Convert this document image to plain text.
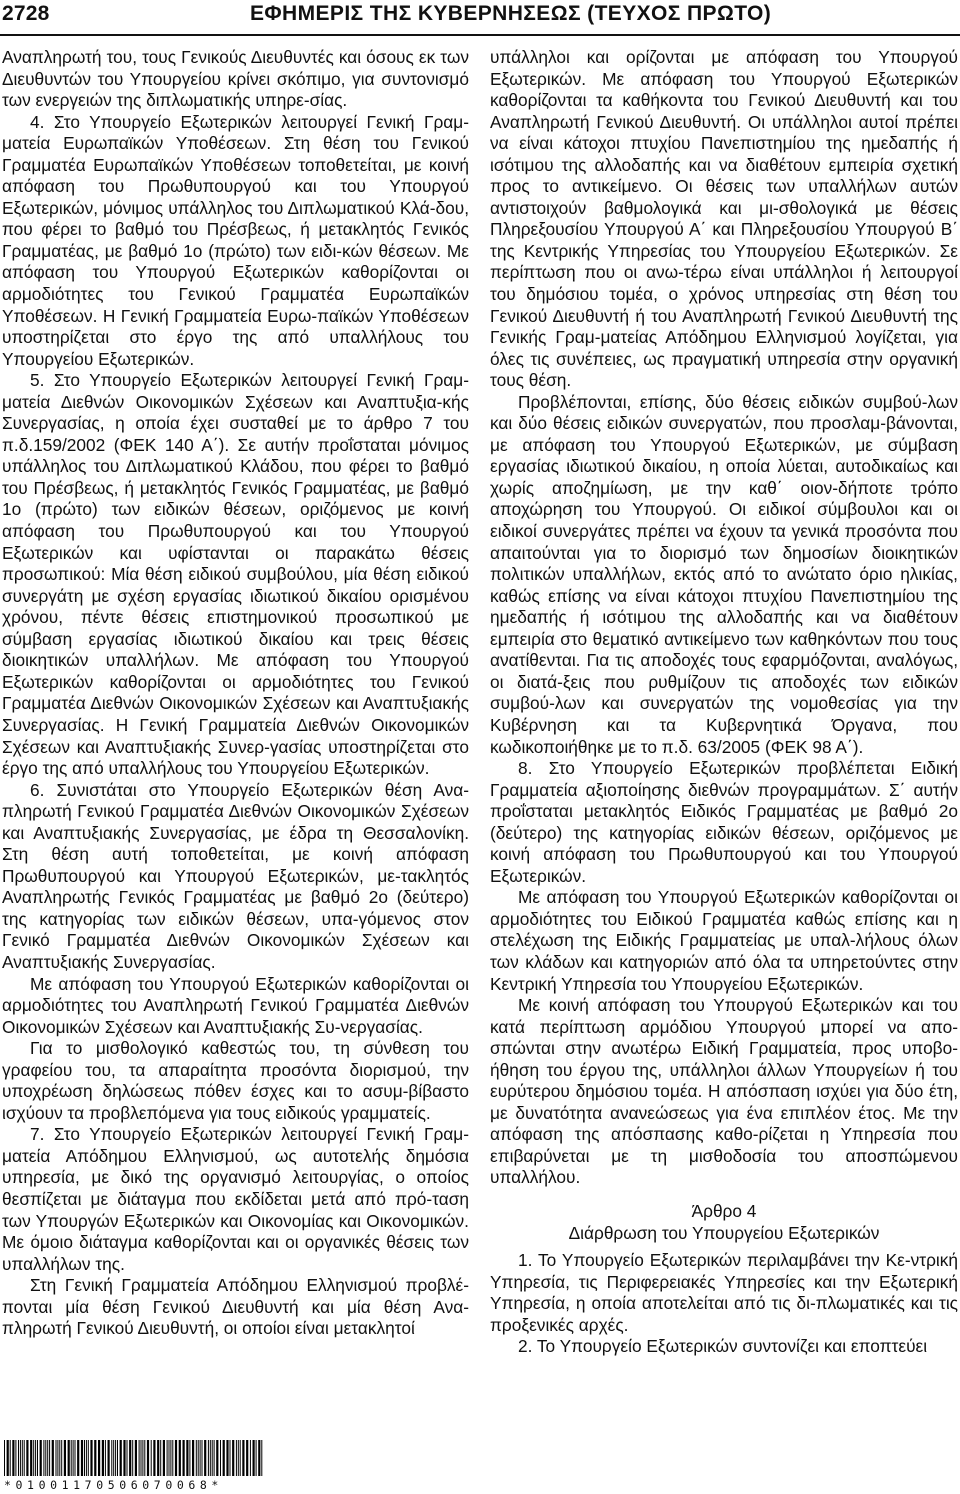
2728	ΕΦΗΜΕΡΙΣ ΤΗΣ ΚΥΒΕΡΝΗΣΕΩΣ (ΤΕΥΧΟΣ ΠΡΩΤΟ)

Αναπληρωτή του, τους Γενικούς Διευθυντές και όσους εκ των Διευθυντών του Υπουργείου κρίνει σκόπιμο, για συντονισμό των ενεργειών της διπλωματικής υπηρε-σίας.

4. Στο Υπουργείο Εξωτερικών λειτουργεί Γενική Γραμ-ματεία Ευρωπαϊκών Υποθέσεων. Στη θέση του Γενικού Γραμματέα Ευρωπαϊκών Υποθέσεων τοποθετείται, με κοινή απόφαση του Πρωθυπουργού και του Υπουργού Εξωτερικών, μόνιμος υπάλληλος του Διπλωματικού Κλά-δου, που φέρει το βαθμό του Πρέσβεως, ή μετακλητός Γενικός Γραμματέας, με βαθμό 1ο (πρώτο) των ειδι-κών θέσεων. Με απόφαση του Υπουργού Εξωτερικών καθορίζονται οι αρμοδιότητες του Γενικού Γραμματέα Ευρωπαϊκών Υποθέσεων. Η Γενική Γραμματεία Ευρω-παϊκών Υποθέσεων υποστηρίζεται στο έργο της από υπαλλήλους του Υπουργείου Εξωτερικών.

5. Στο Υπουργείο Εξωτερικών λειτουργεί Γενική Γραμ-ματεία Διεθνών Οικονομικών Σχέσεων και Αναπτυξια-κής Συνεργασίας, η οποία έχει συσταθεί με το άρθρο 7 του π.δ.159/2002 (ΦΕΚ 140 Α΄). Σε αυτήν προΐσταται μόνιμος υπάλληλος του Διπλωματικού Κλάδου, που φέρει το βαθμό του Πρέσβεως, ή μετακλητός Γενικός Γραμματέας, με βαθμό 1ο (πρώτο) των ειδικών θέσεων, οριζόμενος με κοινή απόφαση του Πρωθυπουργού και του Υπουργού Εξωτερικών και υφίστανται οι παρακάτω θέσεις προσωπικού: Μία θέση ειδικού συμβούλου, μία θέση ειδικού συνεργάτη με σχέση εργασίας ιδιωτικού δικαίου ορισμένου χρόνου, πέντε θέσεις επιστημονικού προσωπικού με σύμβαση εργασίας ιδιωτικού δικαίου και τρεις θέσεις διοικητικών υπαλλήλων. Με απόφαση του Υπουργού Εξωτερικών καθορίζονται οι αρμοδιότητες του Γενικού Γραμματέα Διεθνών Οικονομικών Σχέσεων και Αναπτυξιακής Συνεργασίας. Η Γενική Γραμματεία Διεθνών Οικονομικών Σχέσεων και Αναπτυξιακής Συνερ-γασίας υποστηρίζεται στο έργο της από υπαλλήλους του Υπουργείου Εξωτερικών.

6. Συνιστάται στο Υπουργείο Εξωτερικών θέση Ανα-πληρωτή Γενικού Γραμματέα Διεθνών Οικονομικών Σχέσεων και Αναπτυξιακής Συνεργασίας, με έδρα τη Θεσσαλονίκη. Στη θέση αυτή τοποθετείται, με κοινή απόφαση Πρωθυπουργού και Υπουργού Εξωτερικών, με-τακλητός Αναπληρωτής Γενικός Γραμματέας με βαθμό 2ο (δεύτερο) της κατηγορίας των ειδικών θέσεων, υπα-γόμενος στον Γενικό Γραμματέα Διεθνών Οικονομικών Σχέσεων και Αναπτυξιακής Συνεργασίας.

Με απόφαση του Υπουργού Εξωτερικών καθορίζονται οι αρμοδιότητες του Αναπληρωτή Γενικού Γραμματέα Διεθνών Οικονομικών Σχέσεων και Αναπτυξιακής Συ-νεργασίας.

Για το μισθολογικό καθεστώς του, τη σύνθεση του γραφείου του, τα απαραίτητα προσόντα διορισμού, την υποχρέωση δηλώσεως πόθεν έσχες και το ασυμ-βίβαστο ισχύουν τα προβλεπόμενα για τους ειδικούς γραμματείς.

7. Στο Υπουργείο Εξωτερικών λειτουργεί Γενική Γραμ-ματεία Απόδημου Ελληνισμού, ως αυτοτελής δημόσια υπηρεσία, με δικό της οργανισμό λειτουργίας, ο οποίος θεσπίζεται με διάταγμα που εκδίδεται μετά από πρό-ταση των Υπουργών Εξωτερικών και Οικονομίας και Οικονομικών. Με όμοιο διάταγμα καθορίζονται και οι οργανικές θέσεις των υπαλλήλων της.

Στη Γενική Γραμματεία Απόδημου Ελληνισμού προβλέ-πονται μία θέση Γενικού Διευθυντή και μία θέση Ανα-πληρωτή Γενικού Διευθυντή, οι οποίοι είναι μετακλητοί

υπάλληλοι και ορίζονται με απόφαση του Υπουργού Εξωτερικών. Με απόφαση του Υπουργού Εξωτερικών καθορίζονται τα καθήκοντα του Γενικού Διευθυντή και του Αναπληρωτή Γενικού Διευθυντή. Οι υπάλληλοι αυτοί πρέπει να είναι κάτοχοι πτυχίου Πανεπιστημίου της ημεδαπής ή ισότιμου της αλλοδαπής και να διαθέτουν εμπειρία σχετική προς το αντικείμενο. Οι θέσεις των υπαλλήλων αυτών αντιστοιχούν βαθμολογικά και μι-σθολογικά με θέσεις Πληρεξουσίου Υπουργού Α΄ και Πληρεξουσίου Υπουργού Β΄ της Κεντρικής Υπηρεσίας του Υπουργείου Εξωτερικών. Σε περίπτωση που οι ανω-τέρω είναι υπάλληλοι ή λειτουργοί του δημόσιου τομέα, ο χρόνος υπηρεσίας στη θέση του Γενικού Διευθυντή ή του Αναπληρωτή Γενικού Διευθυντή της Γενικής Γραμ-ματείας Απόδημου Ελληνισμού λογίζεται, για όλες τις συνέπειες, ως πραγματική υπηρεσία στην οργανική τους θέση.

Προβλέπονται, επίσης, δύο θέσεις ειδικών συμβού-λων και δύο θέσεις ειδικών συνεργατών, που προσλαμ-βάνονται, με απόφαση του Υπουργού Εξωτερικών, με σύμβαση εργασίας ιδιωτικού δικαίου, η οποία λύεται, αυτοδικαίως και χωρίς αποζημίωση, με την καθ΄ οιον-δήποτε τρόπο αποχώρηση του Υπουργού. Οι ειδικοί σύμβουλοι και οι ειδικοί συνεργάτες πρέπει να έχουν τα γενικά προσόντα που απαιτούνται για το διορισμό των δημοσίων διοικητικών πολιτικών υπαλλήλων, εκτός από το ανώτατο όριο ηλικίας, καθώς επίσης να είναι κάτοχοι πτυχίου Πανεπιστημίου της ημεδαπής ή ισότιμου της αλλοδαπής και να διαθέτουν εμπειρία στο θεματικό αντικείμενο των καθηκόντων που τους ανατίθενται. Για τις αποδοχές τους εφαρμόζονται, αναλόγως, οι διατά-ξεις που ρυθμίζουν τις αποδοχές των ειδικών συμβού-λων και συνεργατών της νομοθεσίας για την Κυβέρνηση και τα Κυβερνητικά Όργανα, που κωδικοποιήθηκε με το π.δ. 63/2005 (ΦΕΚ 98 Α΄).

8. Στο Υπουργείο Εξωτερικών προβλέπεται Ειδική Γραμματεία αξιοποίησης διεθνών προγραμμάτων. Σ΄ αυτήν προΐσταται μετακλητός Ειδικός Γραμματέας με βαθμό 2ο (δεύτερο) της κατηγορίας ειδικών θέσεων, οριζόμενος με κοινή απόφαση του Πρωθυπουργού και του Υπουργού Εξωτερικών.

Με απόφαση του Υπουργού Εξωτερικών καθορίζονται οι αρμοδιότητες του Ειδικού Γραμματέα καθώς επίσης και η στελέχωση της Ειδικής Γραμματείας με υπαλ-λήλους όλων των κλάδων και κατηγοριών από όλα τα υπηρετούντες στην Κεντρική Υπηρεσία του Υπουργείου Εξωτερικών.

Με κοινή απόφαση του Υπουργού Εξωτερικών και του κατά περίπτωση αρμόδιου Υπουργού μπορεί να απο-σπώνται στην ανωτέρω Ειδική Γραμματεία, προς υποβο-ήθηση του έργου της, υπάλληλοι άλλων Υπουργείων ή του ευρύτερου δημόσιου τομέα. Η απόσπαση ισχύει για δύο έτη, με δυνατότητα ανανεώσεως για ένα επιπλέον έτος. Με την απόφαση της απόσπασης καθο-ρίζεται η Υπηρεσία που επιβαρύνεται με τη μισθοδοσία του αποσπώμενου υπαλλήλου.

Άρθρο 4

Διάρθρωση του Υπουργείου Εξωτερικών

1. Το Υπουργείο Εξωτερικών περιλαμβάνει την Κε-ντρική Υπηρεσία, τις Περιφερειακές Υπηρεσίες και την Εξωτερική Υπηρεσία, η οποία αποτελείται από τις δι-πλωματικές και τις προξενικές αρχές.

2. Το Υπουργείο Εξωτερικών συντονίζει και εποπτεύει

*01001170506070068*
